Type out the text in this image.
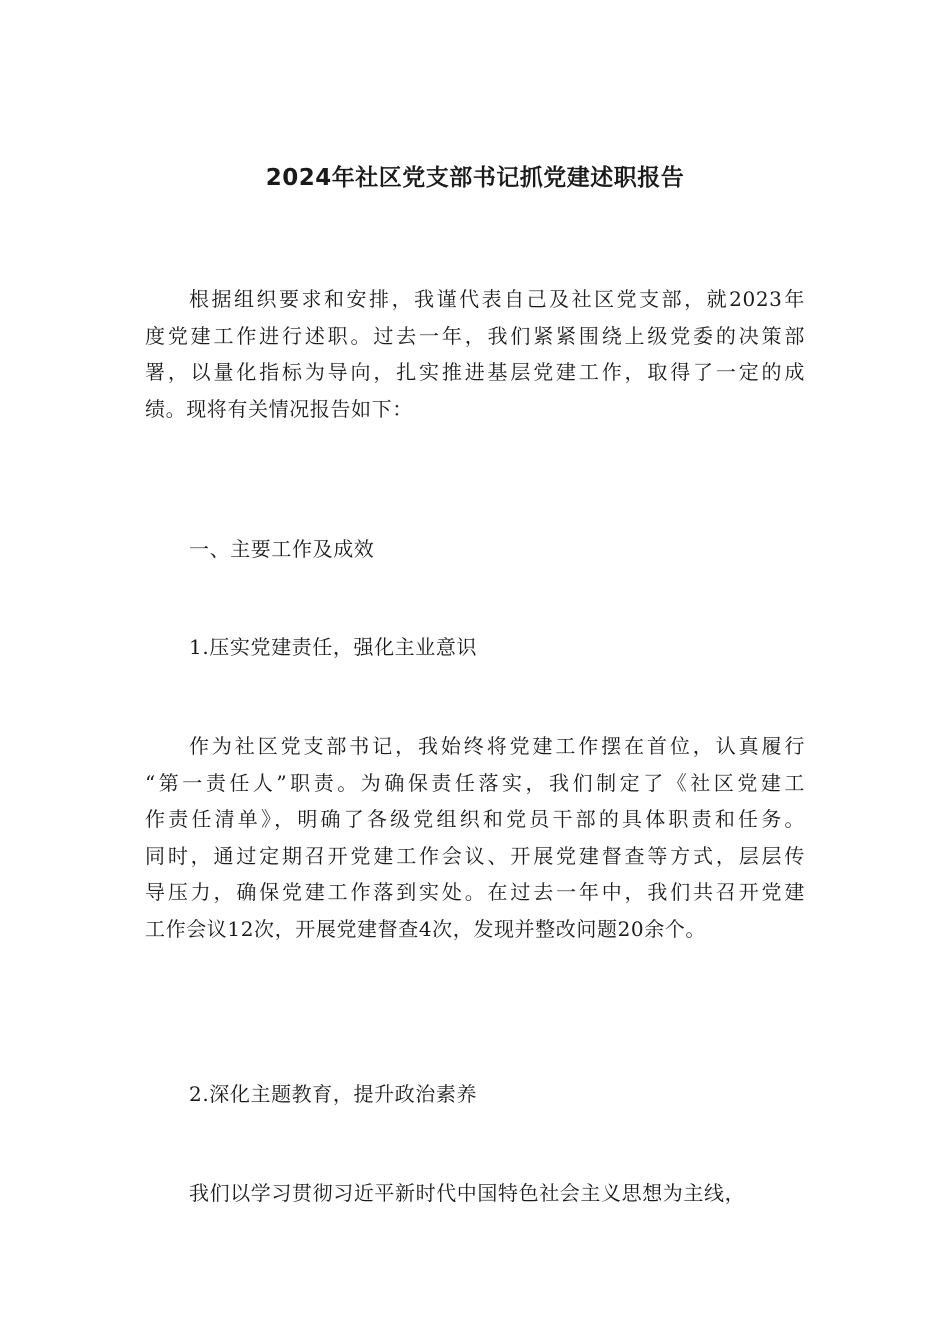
2024年社区党支部书记抓党建述职报告
根据组织要求和安排，我谨代表自己及社区党支部，就2023年
度党建工作进行述职。过去一年，我们紧紧围绕上级党委的决策部
署，以量化指标为导向，扎实推进基层党建工作，取得了一定的成
绩。现将有关情况报告如下：
一、主要工作及成效
1.压实党建责任，强化主业意识
作为社区党支部书记，我始终将党建工作摆在首位，认真履行
“第一责任人”职责。为确保责任落实，我们制定了《社区党建工
作责任清单》，明确了各级党组织和党员干部的具体职责和任务。
同时，通过定期召开党建工作会议、开展党建督查等方式，层层传
导压力，确保党建工作落到实处。在过去一年中，我们共召开党建
工作会议12次，开展党建督查4次，发现并整改问题20余个。
2.深化主题教育，提升政治素养
我们以学习贯彻习近平新时代中国特色社会主义思想为主线，
